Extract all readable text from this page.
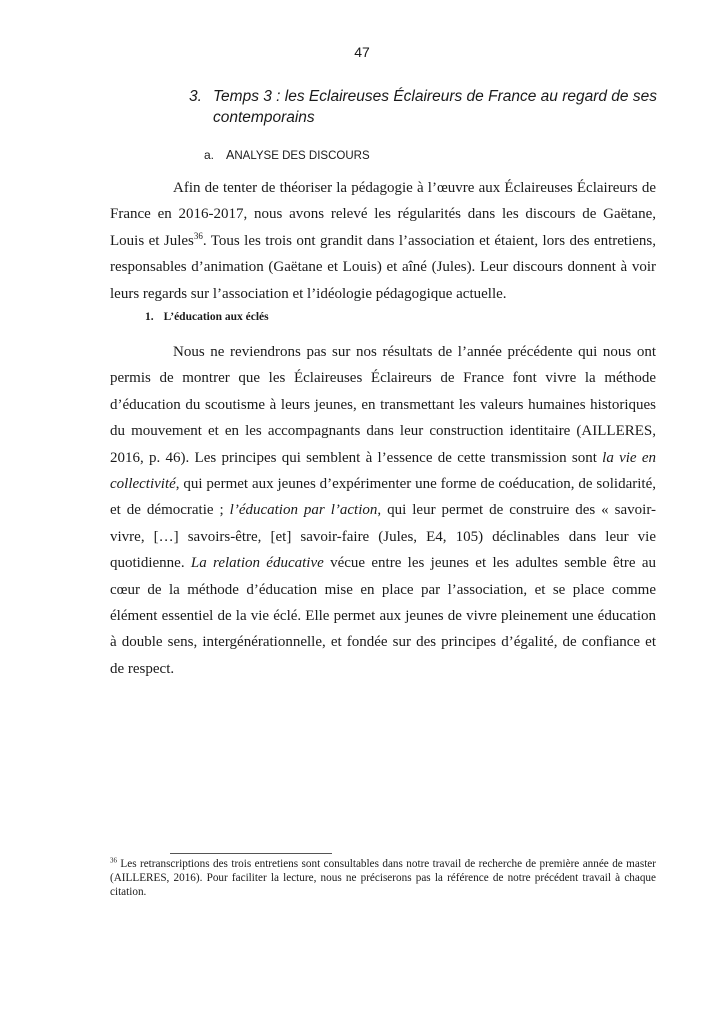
47
3. Temps 3 : les Eclaireuses Éclaireurs de France au regard de ses contemporains
a. ANALYSE DES DISCOURS

Afin de tenter de théoriser la pédagogie à l’œuvre aux Éclaireuses Éclaireurs de France en 2016-2017, nous avons relevé les régularités dans les discours de Gaëtane, Louis et Jules$^{36}$. Tous les trois ont grandit dans l’association et étaient, lors des entretiens, responsables d’animation (Gaëtane et Louis) et aîné (Jules). Leur discours donnent à voir leurs regards sur l’association et l’idéologie pédagogique actuelle.

1. L’éducation aux éclés

Nous ne reviendrons pas sur nos résultats de l’année précédente qui nous ont permis de montrer que les Éclaireuses Éclaireurs de France font vivre la méthode d’éducation du scoutisme à leurs jeunes, en transmettant les valeurs humaines historiques du mouvement et en les accompagnants dans leur construction identitaire (AILLERES, 2016, p. 46). Les principes qui semblent à l’essence de cette transmission sont la vie en collectivité, qui permet aux jeunes d’expérimenter une forme de coéducation, de solidarité, et de démocratie ; l’éducation par l’action, qui leur permet de construire des « savoir-vivre, […] savoirs-être, [et] savoir-faire (Jules, E4, 105) déclinables dans leur vie quotidienne. La relation éducative vécue entre les jeunes et les adultes semble être au cœur de la méthode d’éducation mise en place par l’association, et se place comme élément essentiel de la vie éclé. Elle permet aux jeunes de vivre pleinement une éducation à double sens, intergénérationnelle, et fondée sur des principes d’égalité, de confiance et de respect.

$^{36}$ Les retranscriptions des trois entretiens sont consultables dans notre travail de recherche de première année de master (AILLERES, 2016). Pour faciliter la lecture, nous ne préciserons pas la référence de notre précédent travail à chaque citation.
